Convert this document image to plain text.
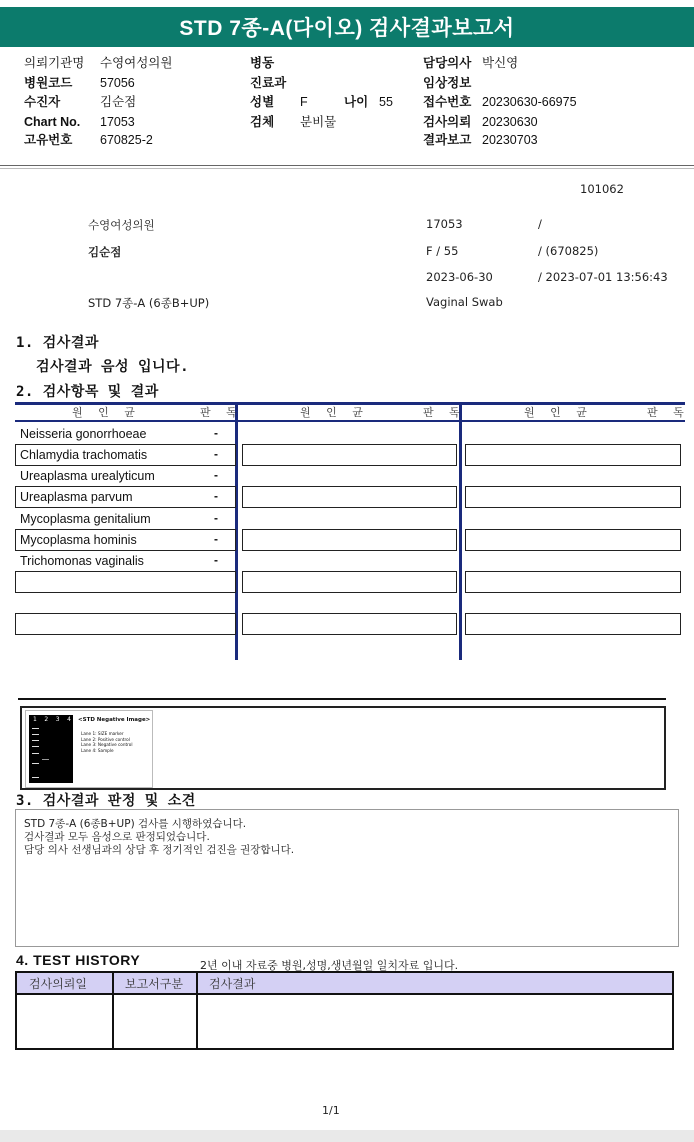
STD 7종-A(다이오) 검사결과보고서
의뢰기관명 수영여성의원	병동	담당의사 박신영
병원코드 57056	진료과	임상정보
수진자	김순점	성별 F	나이 55 접수번호 20230630-66975
Chart No. 17053	검체 분비물	검사의뢰 20230630
고유번호 670825-2	결과보고 20230703
101062
수영여성의원	17053	/
김순점	F / 55	/ (670825)
2023-06-30	/ 2023-07-01 13:56:43
STD 7종-A (6종B+UP)	Vaginal Swab
1. 검사결과
검사결과 음성 입니다.
2. 검사항목 및 결과
원 인 균	판 독	원 인 균	판 독	원 인 균	판 독
Neisseria gonorrhoeae	-
Chlamydia trachomatis	-
Ureaplasma urealyticum	-
Ureaplasma parvum	-
Mycoplasma genitalium	-
Mycoplasma hominis	-
Trichomonas vaginalis	-
1 2 3 4 <STD Negative Image>
Lane 1: SIZE marker
Lane 2: Positive control
Lane 3: Negative control
Lane 4: Sample
3. 검사결과 판정 및 소견
STD 7종-A (6종B+UP) 검사를 시행하였습니다.
검사결과 모두 음성으로 판정되었습니다.
담당 의사 선생님과의 상담 후 정기적인 검진을 권장합니다.
4. TEST HISTORY	2년 이내 자료중 병원,성명,생년월일 일치자료 입니다.
검사의뢰일	보고서구분	검사결과
1/1
